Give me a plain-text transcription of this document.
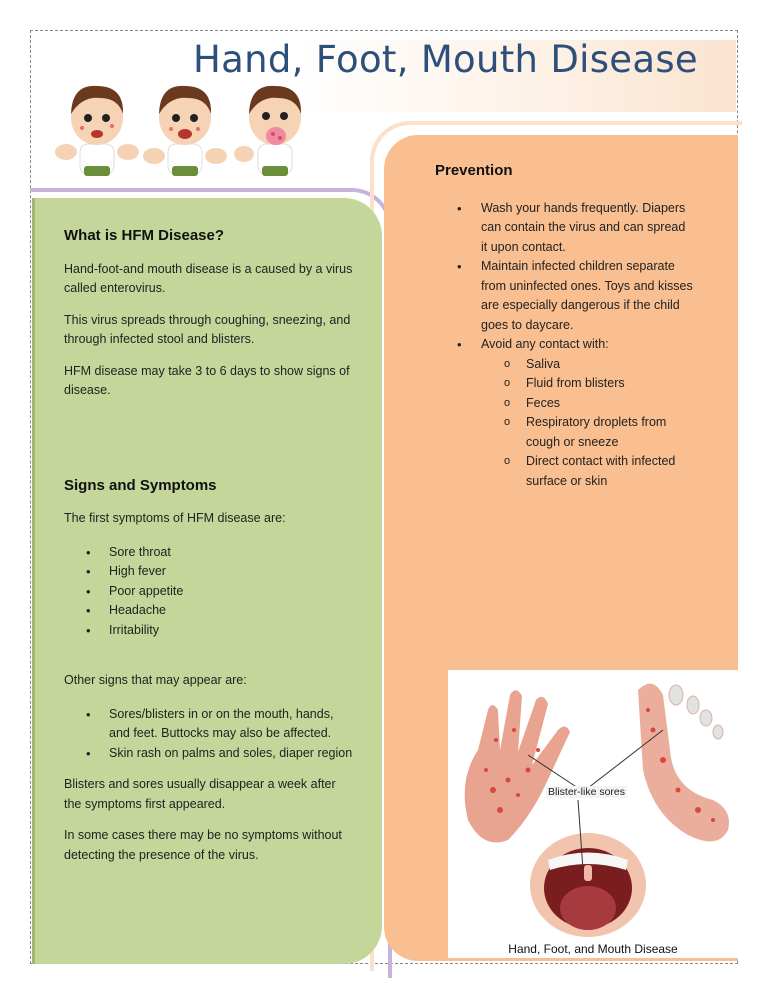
Hand, Foot, Mouth Disease
What is HFM Disease?

Hand-foot-and mouth disease is a caused by a virus called enterovirus.

This virus spreads through coughing, sneezing, and through infected stool and blisters.

HFM disease may take 3 to 6 days to show signs of disease.

Signs and Symptoms

The first symptoms of HFM disease are:

• Sore throat
• High fever
• Poor appetite
• Headache
• Irritability

Other signs that may appear are:

• Sores/blisters in or on the mouth, hands, and feet. Buttocks may also be affected.
• Skin rash on palms and soles, diaper region

Blisters and sores usually disappear a week after the symptoms first appeared.

In some cases there may be no symptoms without detecting the presence of the virus.

Prevention
• Wash your hands frequently. Diapers can contain the virus and can spread it upon contact.
• Maintain infected children separate from uninfected ones. Toys and kisses are especially dangerous if the child goes to daycare.
• Avoid any contact with:
o Saliva
o Fluid from blisters
o Feces
o Respiratory droplets from cough or sneeze
o Direct contact with infected surface or skin
Blister-like sores
Hand, Foot, and Mouth Disease
